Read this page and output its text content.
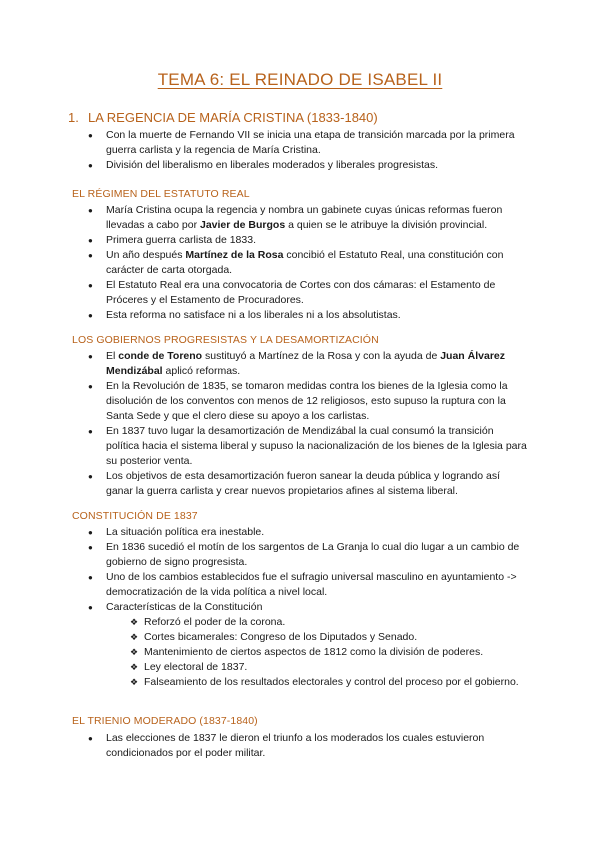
TEMA 6: EL REINADO DE ISABEL II
1. LA REGENCIA DE MARÍA CRISTINA (1833-1840)
● Con la muerte de Fernando VII se inicia una etapa de transición marcada por la primera guerra carlista y la regencia de María Cristina.
● División del liberalismo en liberales moderados y liberales progresistas.
EL RÉGIMEN DEL ESTATUTO REAL
● María Cristina ocupa la regencia y nombra un gabinete cuyas únicas reformas fueron llevadas a cabo por Javier de Burgos a quien se le atribuye la división provincial.
● Primera guerra carlista de 1833.
● Un año después Martínez de la Rosa concibió el Estatuto Real, una constitución con carácter de carta otorgada.
● El Estatuto Real era una convocatoria de Cortes con dos cámaras: el Estamento de Próceres y el Estamento de Procuradores.
● Esta reforma no satisface ni a los liberales ni a los absolutistas.
LOS GOBIERNOS PROGRESISTAS Y LA DESAMORTIZACIÓN
● El conde de Toreno sustituyó a Martínez de la Rosa y con la ayuda de Juan Álvarez Mendizábal aplicó reformas.
● En la Revolución de 1835, se tomaron medidas contra los bienes de la Iglesia como la disolución de los conventos con menos de 12 religiosos, esto supuso la ruptura con la Santa Sede y que el clero diese su apoyo a los carlistas.
● En 1837 tuvo lugar la desamortización de Mendizábal la cual consumó la transición política hacia el sistema liberal y supuso la nacionalización de los bienes de la Iglesia para su posterior venta.
● Los objetivos de esta desamortización fueron sanear la deuda pública y logrando así ganar la guerra carlista y crear nuevos propietarios afines al sistema liberal.
CONSTITUCIÓN DE 1837
● La situación política era inestable.
● En 1836 sucedió el motín de los sargentos de La Granja lo cual dio lugar a un cambio de gobierno de signo progresista.
● Uno de los cambios establecidos fue el sufragio universal masculino en ayuntamiento -> democratización de la vida política a nivel local.
● Características de la Constitución
❖ Reforzó el poder de la corona.
❖ Cortes bicamerales: Congreso de los Diputados y Senado.
❖ Mantenimiento de ciertos aspectos de 1812 como la división de poderes.
❖ Ley electoral de 1837.
❖ Falseamiento de los resultados electorales y control del proceso por el gobierno.
EL TRIENIO MODERADO (1837-1840)
● Las elecciones de 1837 le dieron el triunfo a los moderados los cuales estuvieron condicionados por el poder militar.
